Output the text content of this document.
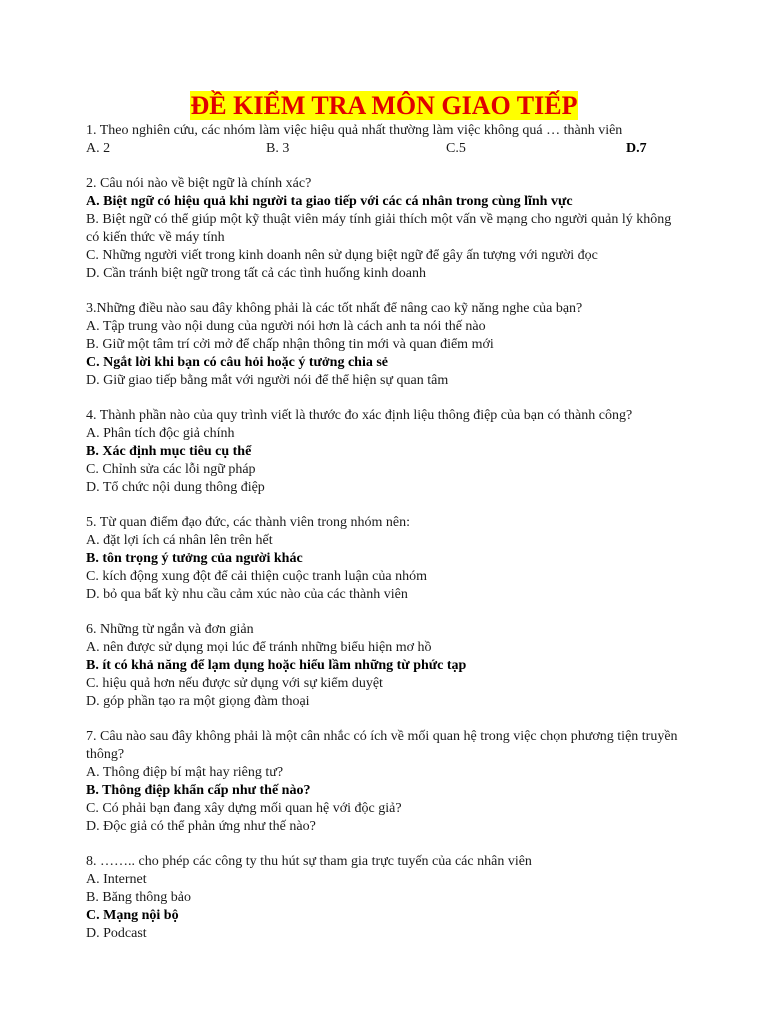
ĐỀ KIỂM TRA MÔN GIAO TIẾP
1. Theo nghiên cứu, các nhóm làm việc hiệu quả nhất thường làm việc không quá … thành viên
A. 2	B. 3	C.5	D.7
2. Câu nói nào về biệt ngữ là chính xác?
A. Biệt ngữ có hiệu quả khi người ta giao tiếp với các cá nhân trong cùng lĩnh vực
B. Biệt ngữ có thể giúp một kỹ thuật viên máy tính giải thích một vấn về mạng cho người quản lý không có kiến thức về máy tính
C. Những người viết trong kinh doanh nên sử dụng biệt ngữ để gây ấn tượng với người đọc
D. Cần tránh biệt ngữ trong tất cả các tình huống kinh doanh
3.Những điều nào sau đây không phải là các tốt nhất để nâng cao kỹ năng nghe của bạn?
A. Tập trung vào nội dung của người nói hơn là cách anh ta nói thế nào
B. Giữ một tâm trí cởi mở để chấp nhận thông tin mới và quan điểm mới
C. Ngắt lời khi bạn có câu hỏi hoặc ý tưởng chia sẻ
D. Giữ giao tiếp bằng mắt với người nói để thể hiện sự quan tâm
4. Thành phần nào của quy trình viết là thước đo xác định liệu thông điệp của bạn có thành công?
A. Phân tích độc giả chính
B. Xác định mục tiêu cụ thể
C. Chỉnh sửa các lỗi ngữ pháp
D. Tổ chức nội dung thông điệp
5. Từ quan điểm đạo đức, các thành viên trong nhóm nên:
A. đặt lợi ích cá nhân lên trên hết
B. tôn trọng ý tưởng của người khác
C. kích động xung đột để cải thiện cuộc tranh luận của nhóm
D. bỏ qua bất kỳ nhu cầu cảm xúc nào của các thành viên
6. Những từ ngắn và đơn giản
A. nên được sử dụng mọi lúc để tránh những biểu hiện mơ hồ
B. ít có khả năng để lạm dụng hoặc hiểu lầm những từ phức tạp
C. hiệu quả hơn nếu được sử dụng với sự kiểm duyệt
D. góp phần tạo ra một giọng đàm thoại
7. Câu nào sau đây không phải là một cân nhắc có ích về mối quan hệ trong việc chọn phương tiện truyền thông?
A. Thông điệp bí mật hay riêng tư?
B. Thông điệp khẩn cấp như thế nào?
C. Có phải bạn đang xây dựng mối quan hệ với độc giả?
D. Độc giả có thể phản ứng như thế nào?
8. …….. cho phép các công ty thu hút sự tham gia trực tuyến của các nhân viên
A. Internet
B. Băng thông bảo
C. Mạng nội bộ
D. Podcast
